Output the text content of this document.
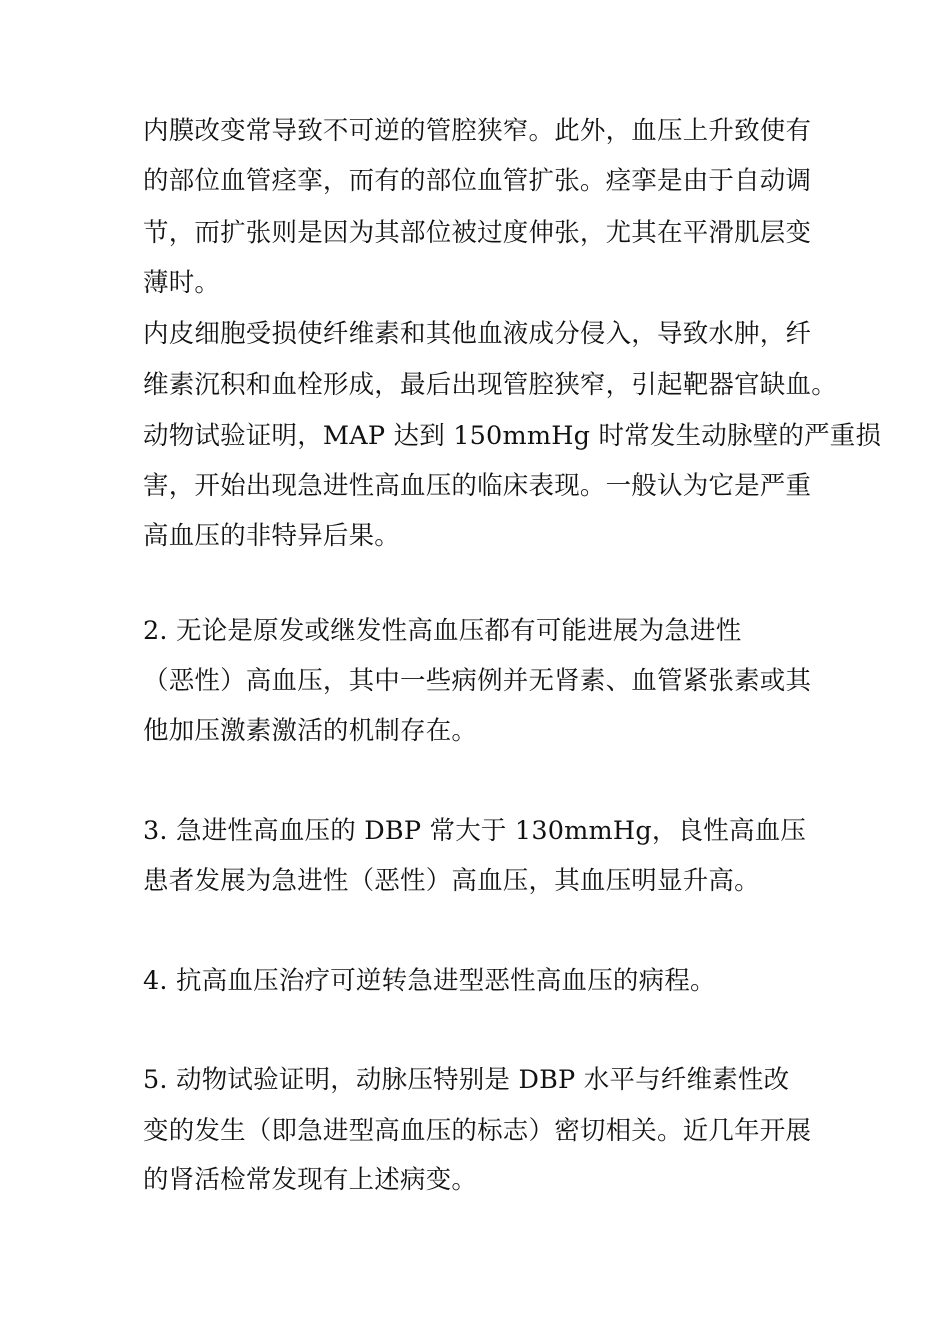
内膜改变常导致不可逆的管腔狭窄。此外，血压上升致使有
的部位血管痉挛，而有的部位血管扩张。痉挛是由于自动调
节，而扩张则是因为其部位被过度伸张，尤其在平滑肌层变
薄时。
内皮细胞受损使纤维素和其他血液成分侵入，导致水肿，纤
维素沉积和血栓形成，最后出现管腔狭窄，引起靶器官缺血。
动物试验证明，MAP 达到 150mmHg 时常发生动脉壁的严重损
害，开始出现急进性高血压的临床表现。一般认为它是严重
高血压的非特异后果。
2. 无论是原发或继发性高血压都有可能进展为急进性
（恶性）高血压，其中一些病例并无肾素、血管紧张素或其
他加压激素激活的机制存在。
3. 急进性高血压的 DBP 常大于 130mmHg，良性高血压
患者发展为急进性（恶性）高血压，其血压明显升高。
4. 抗高血压治疗可逆转急进型恶性高血压的病程。
5. 动物试验证明，动脉压特别是 DBP 水平与纤维素性改
变的发生（即急进型高血压的标志）密切相关。近几年开展
的肾活检常发现有上述病变。
